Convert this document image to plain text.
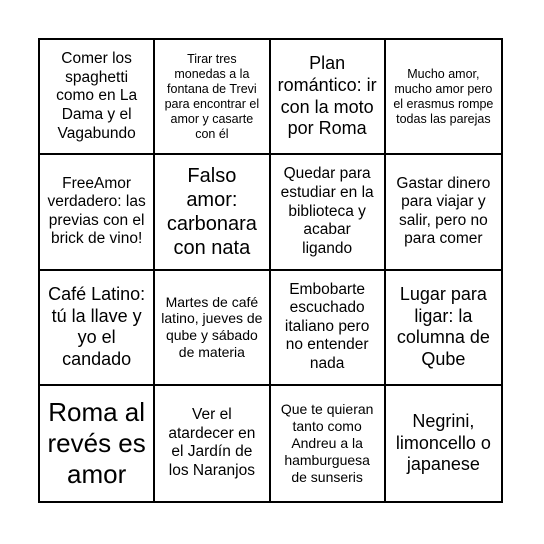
Comer los spaghetti como en La Dama y el Vagabundo
Tirar tres monedas a la fontana de Trevi para encontrar el amor y casarte con él
Plan romántico: ir con la moto por Roma
Mucho amor, mucho amor pero el erasmus rompe todas las parejas
FreeAmor verdadero: las previas con el brick de vino!
Falso amor: carbonara con nata
Quedar para estudiar en la biblioteca y acabar ligando
Gastar dinero para viajar y salir, pero no para comer
Café Latino: tú la llave y yo el candado
Martes de café latino, jueves de qube y sábado de materia
Embobarte escuchado italiano pero no entender nada
Lugar para ligar: la columna de Qube
Roma al revés es amor
Ver el atardecer en el Jardín de los Naranjos
Que te quieran tanto como Andreu a la hamburguesa de sunseris
Negrini, limoncello o japanese
